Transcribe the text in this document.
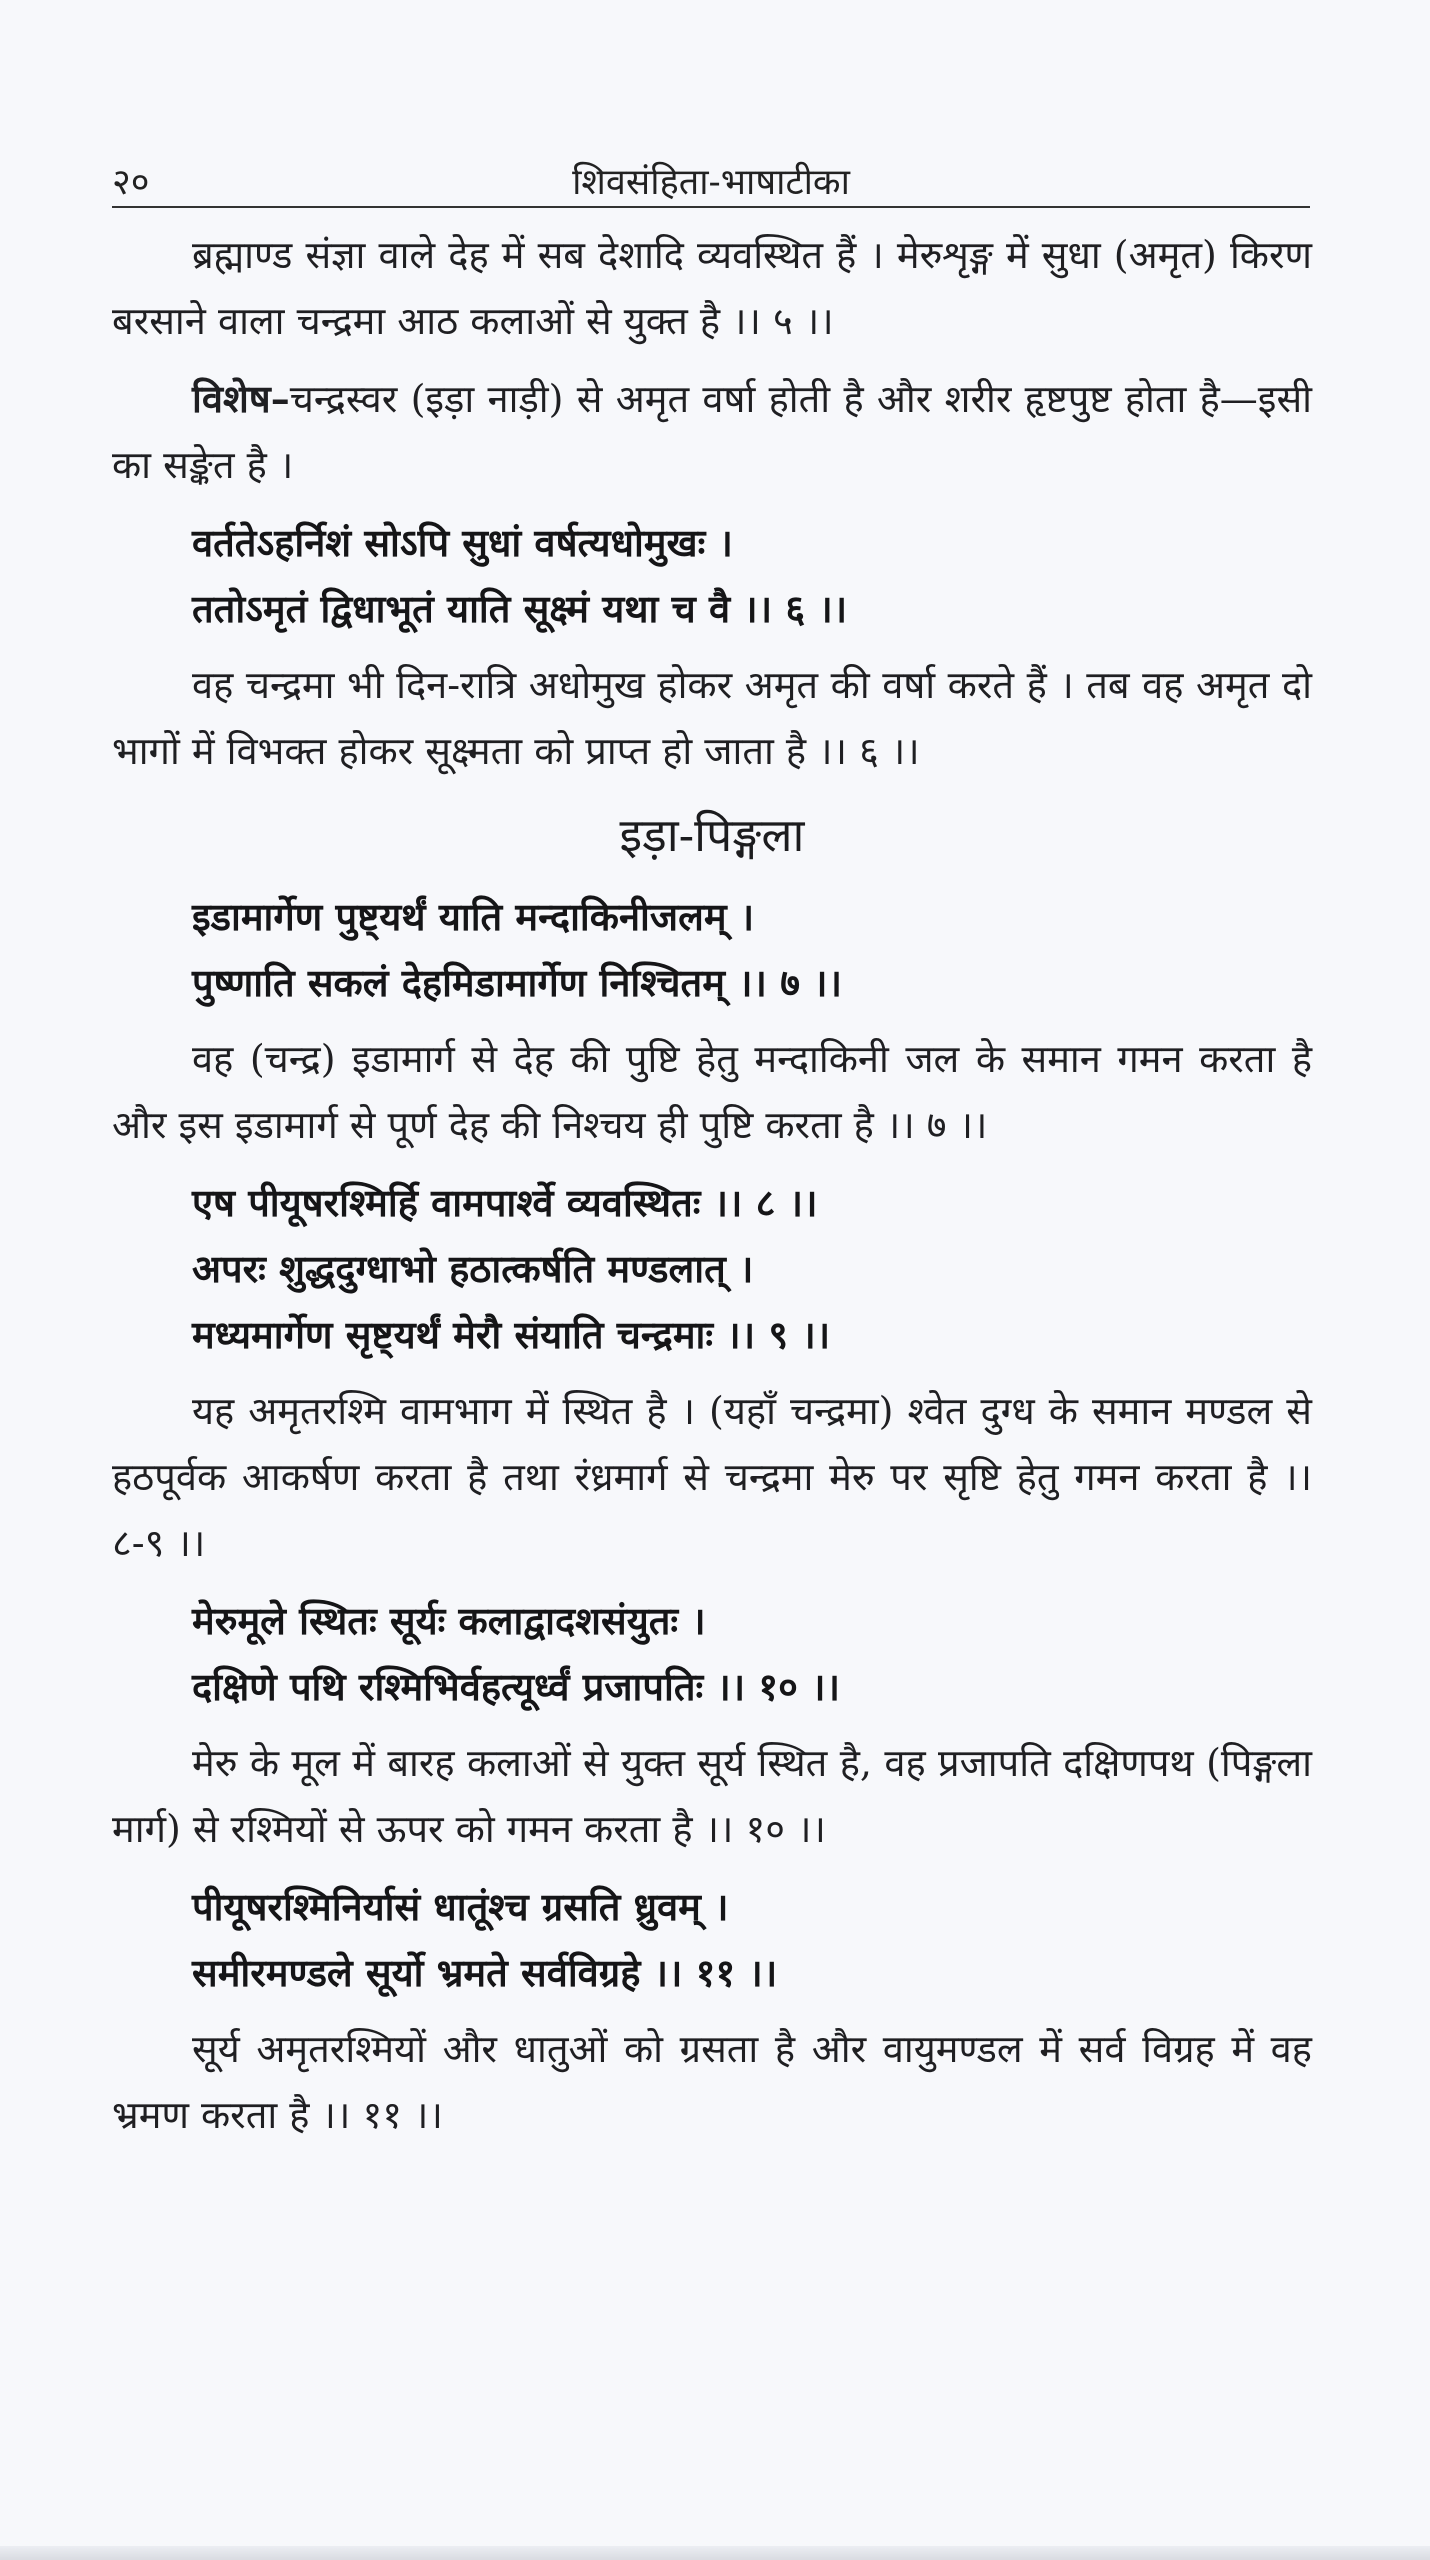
२०	शिवसंहिता-भाषाटीका

ब्रह्माण्ड संज्ञा वाले देह में सब देशादि व्यवस्थित हैं । मेरुशृङ्ग में सुधा (अमृत) किरण बरसाने वाला चन्द्रमा आठ कलाओं से युक्त है ।। ५ ।।

विशेष–चन्द्रस्वर (इड़ा नाड़ी) से अमृत वर्षा होती है और शरीर हृष्टपुष्ट होता है—इसी का सङ्केत है ।

वर्ततेऽहर्निशं सोऽपि सुधां वर्षत्यधोमुखः ।
ततोऽमृतं द्विधाभूतं याति सूक्ष्मं यथा च वै ।। ६ ।।

वह चन्द्रमा भी दिन-रात्रि अधोमुख होकर अमृत की वर्षा करते हैं । तब वह अमृत दो भागों में विभक्त होकर सूक्ष्मता को प्राप्त हो जाता है ।। ६ ।।

इड़ा-पिङ्गला
इडामार्गेण पुष्ट्यर्थं याति मन्दाकिनीजलम् ।
पुष्णाति सकलं देहमिडामार्गेण निश्चितम् ।। ७ ।।

वह (चन्द्र) इडामार्ग से देह की पुष्टि हेतु मन्दाकिनी जल के समान गमन करता है और इस इडामार्ग से पूर्ण देह की निश्चय ही पुष्टि करता है ।। ७ ।।

एष पीयूषरश्मिर्हि वामपार्श्वे व्यवस्थितः ।। ८ ।।
अपरः शुद्धदुग्धाभो हठात्कर्षति मण्डलात् ।
मध्यमार्गेण सृष्ट्यर्थं मेरौ संयाति चन्द्रमाः ।। ९ ।।

यह अमृतरश्मि वामभाग में स्थित है । (यहाँ चन्द्रमा) श्वेत दुग्ध के समान मण्डल से हठपूर्वक आकर्षण करता है तथा रंध्रमार्ग से चन्द्रमा मेरु पर सृष्टि हेतु गमन करता है ।। ८-९ ।।

मेरुमूले स्थितः सूर्यः कलाद्वादशसंयुतः ।
दक्षिणे पथि रश्मिभिर्वहत्यूर्ध्वं प्रजापतिः ।। १० ।।

मेरु के मूल में बारह कलाओं से युक्त सूर्य स्थित है, वह प्रजापति दक्षिणपथ (पिङ्गला मार्ग) से रश्मियों से ऊपर को गमन करता है ।। १० ।।

पीयूषरश्मिनिर्यासं धातूंश्च ग्रसति ध्रुवम् ।
समीरमण्डले सूर्यो भ्रमते सर्वविग्रहे ।। ११ ।।

सूर्य अमृतरश्मियों और धातुओं को ग्रसता है और वायुमण्डल में सर्व विग्रह में वह भ्रमण करता है ।। ११ ।।
